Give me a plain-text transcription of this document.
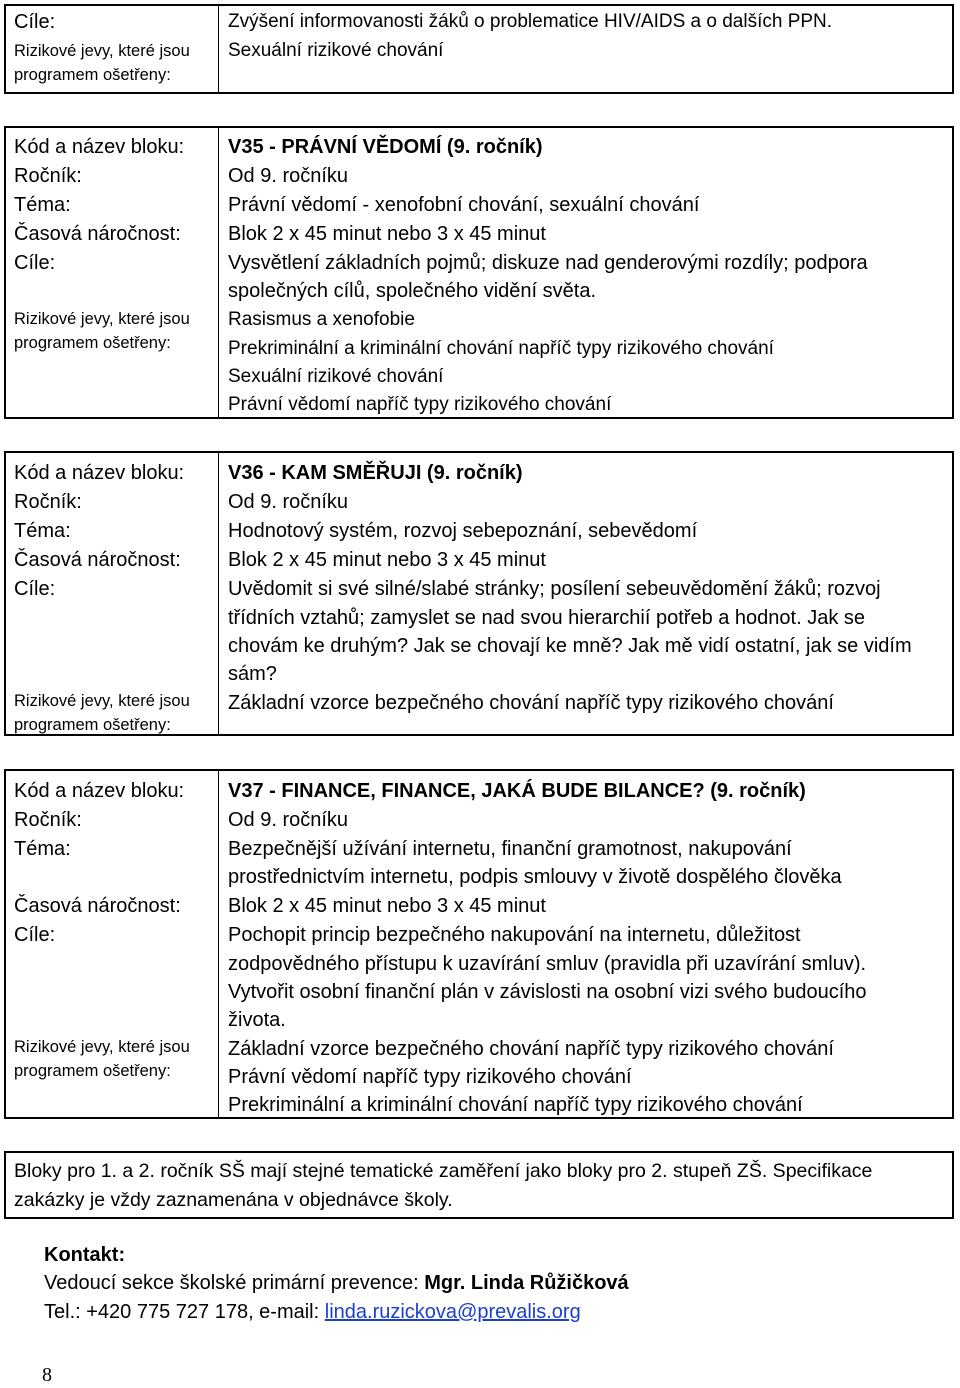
Cíle:
Rizikové jevy, které jsou
programem ošetřeny:
Zvýšení informovanosti žáků o problematice HIV/AIDS a o dalších PPN.
Sexuální rizikové chování
Kód a název bloku:
Ročník:
Téma:
Časová náročnost:
Cíle:
Rizikové jevy, které jsou
programem ošetřeny:
V35 - PRÁVNÍ VĚDOMÍ (9. ročník)
Od 9. ročníku
Právní vědomí - xenofobní chování, sexuální chování
Blok 2 x 45 minut nebo 3 x 45 minut
Vysvětlení základních pojmů; diskuze nad genderovými rozdíly; podpora
společných cílů, společného vidění světa.
Rasismus a xenofobie
Prekriminální a kriminální chování napříč typy rizikového chování
Sexuální rizikové chování
Právní vědomí napříč typy rizikového chování
Kód a název bloku:
Ročník:
Téma:
Časová náročnost:
Cíle:
Rizikové jevy, které jsou
programem ošetřeny:
V36 - KAM SMĚŘUJI (9. ročník)
Od 9. ročníku
Hodnotový systém, rozvoj sebepoznání, sebevědomí
Blok 2 x 45 minut nebo 3 x 45 minut
Uvědomit si své silné/slabé stránky; posílení sebeuvědomění žáků; rozvoj
třídních vztahů; zamyslet se nad svou hierarchií potřeb a hodnot. Jak se
chovám ke druhým? Jak se chovají ke mně? Jak mě vidí ostatní, jak se vidím
sám?
Základní vzorce bezpečného chování napříč typy rizikového chování
Kód a název bloku:
Ročník:
Téma:
Časová náročnost:
Cíle:
Rizikové jevy, které jsou
programem ošetřeny:
V37 - FINANCE, FINANCE, JAKÁ BUDE BILANCE? (9. ročník)
Od 9. ročníku
Bezpečnější užívání internetu, finanční gramotnost, nakupování
prostřednictvím internetu, podpis smlouvy v životě dospělého člověka
Blok 2 x 45 minut nebo 3 x 45 minut
Pochopit princip bezpečného nakupování na internetu, důležitost
zodpovědného přístupu k uzavírání smluv (pravidla při uzavírání smluv).
Vytvořit osobní finanční plán v závislosti na osobní vizi svého budoucího
života.
Základní vzorce bezpečného chování napříč typy rizikového chování
Právní vědomí napříč typy rizikového chování
Prekriminální a kriminální chování napříč typy rizikového chování

Bloky pro 1. a 2. ročník SŠ mají stejné tematické zaměření jako bloky pro 2. stupeň ZŠ. Specifikace

zakázky je vždy zaznamenána v objednávce školy.

Kontakt:
Vedoucí sekce školské primární prevence: Mgr. Linda Růžičková
Tel.: +420 775 727 178, e-mail: linda.ruzickova@prevalis.org
8
